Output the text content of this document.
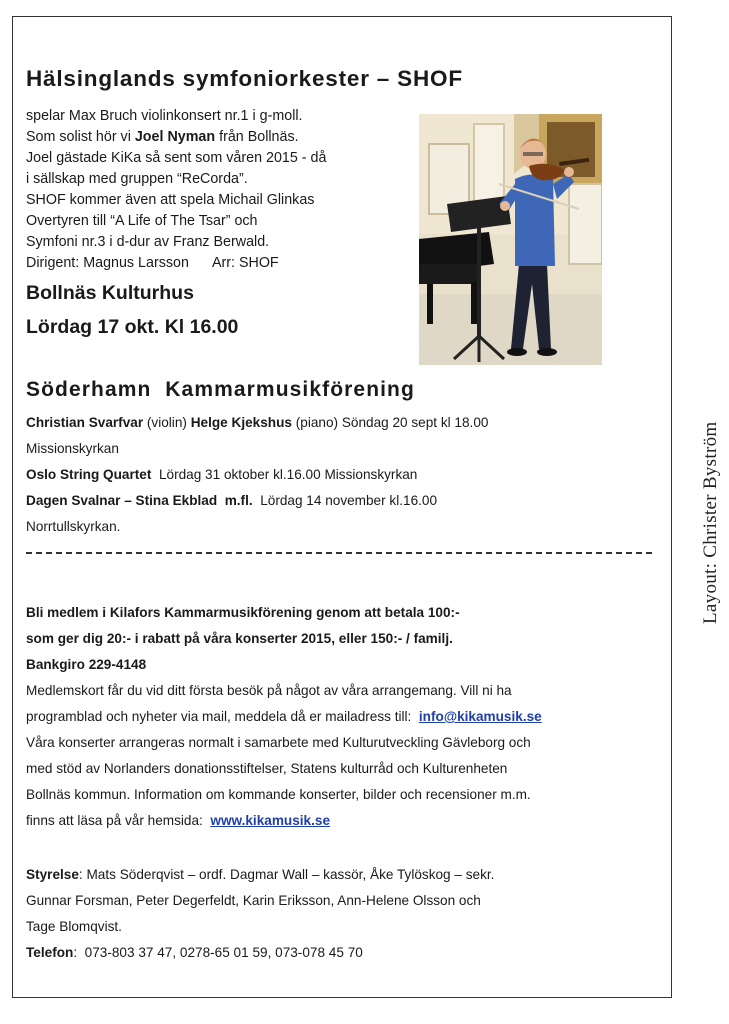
Hälsinglands symfoniorkester – SHOF
spelar Max Bruch violinkonsert nr.1 i g-moll.
Som solist hör vi Joel Nyman från Bollnäs.
Joel gästade KiKa så sent som våren 2015 - då
i sällskap med gruppen “ReCorda”.
SHOF kommer även att spela Michail Glinkas
Overtyren till “A Life of The Tsar” och
Symfoni nr.3 i d-dur av Franz Berwald.
Dirigent: Magnus Larsson      Arr: SHOF
Bollnäs Kulturhus
Lördag 17 okt. Kl 16.00
Söderhamn  Kammarmusikförening
Christian Svarfvar (violin) Helge Kjekshus (piano) Söndag 20 sept kl 18.00
Missionskyrkan
Oslo String Quartet  Lördag 31 oktober kl.16.00 Missionskyrkan
Dagen Svalnar – Stina Ekblad  m.fl.  Lördag 14 november kl.16.00
Norrtullskyrkan.
Bli medlem i Kilafors Kammarmusikförening genom att betala 100:-
som ger dig 20:- i rabatt på våra konserter 2015, eller 150:- / familj.
Bankgiro 229-4148
Medlemskort får du vid ditt första besök på något av våra arrangemang. Vill ni ha
programblad och nyheter via mail, meddela då er mailadress till:  info@kikamusik.se
Våra konserter arrangeras normalt i samarbete med Kulturutveckling Gävleborg och
med stöd av Norlanders donationsstiftelser, Statens kulturråd och Kulturenheten
Bollnäs kommun. Information om kommande konserter, bilder och recensioner m.m.
finns att läsa på vår hemsida:  www.kikamusik.se
Styrelse: Mats Söderqvist – ordf. Dagmar Wall – kassör, Åke Tylöskog – sekr.
Gunnar Forsman, Peter Degerfeldt, Karin Eriksson, Ann-Helene Olsson och
Tage Blomqvist.
Telefon:  073-803 37 47, 0278-65 01 59, 073-078 45 70
Layout: Christer Byström
